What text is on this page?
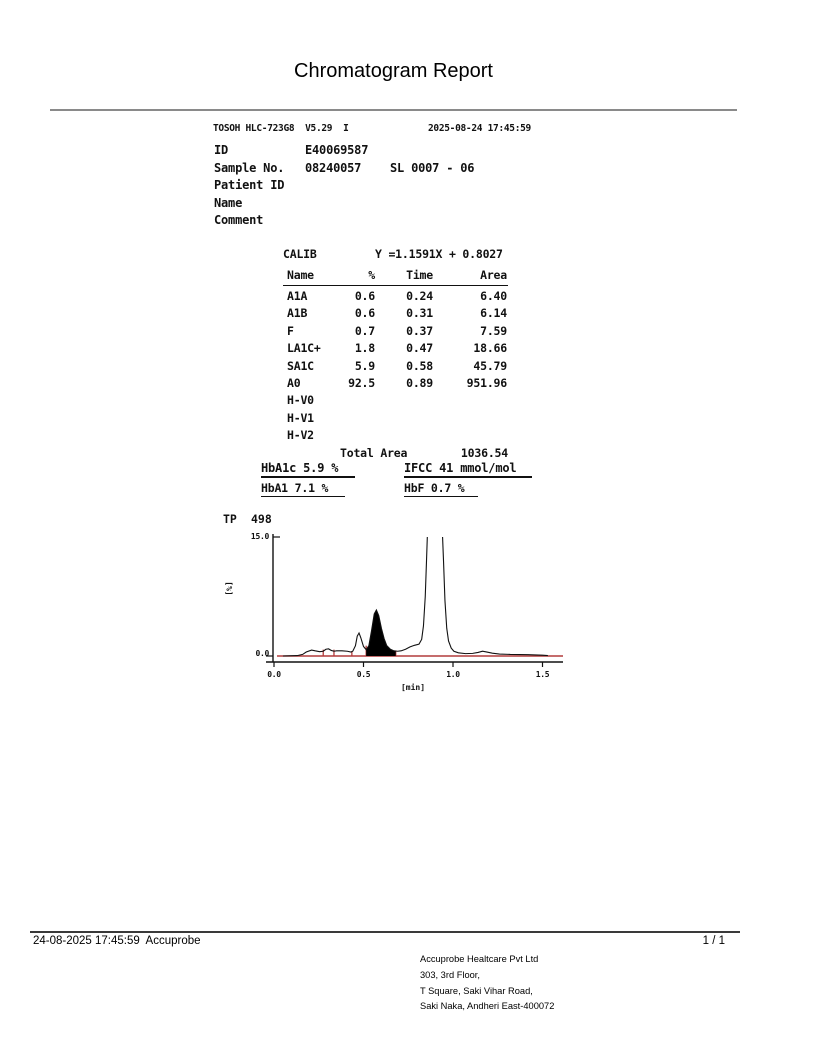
Chromatogram Report
TOSOH HLC-723G8  V5.29  I	2025-08-24 17:45:59
ID	E40069587
Sample No. 08240057 SL 0007 - 06
Patient ID
Name
Comment
CALIB	Y =1.1591X + 0.8027
Name	%	Time	Area
A1A	0.6	0.24	6.40
A1B	0.6	0.31	6.14
F	0.7	0.37	7.59
LA1C+	1.8	0.47	18.66
SA1C	5.9	0.58	45.79
A0	92.5	0.89	951.96
H-V0
H-V1
H-V2
Total Area	1036.54
HbA1c 5.9 %	IFCC 41 mmol/mol
HbA1 7.1 %	HbF 0.7 %
TP 498
15.0
0.0
[%]
[min]
0.0	0.5	1.0	1.5
24-08-2025 17:45:59  Accuprobe	1 / 1
Accuprobe Healtcare Pvt Ltd
303, 3rd Floor,
T Square, Saki Vihar Road,
Saki Naka, Andheri East-400072
